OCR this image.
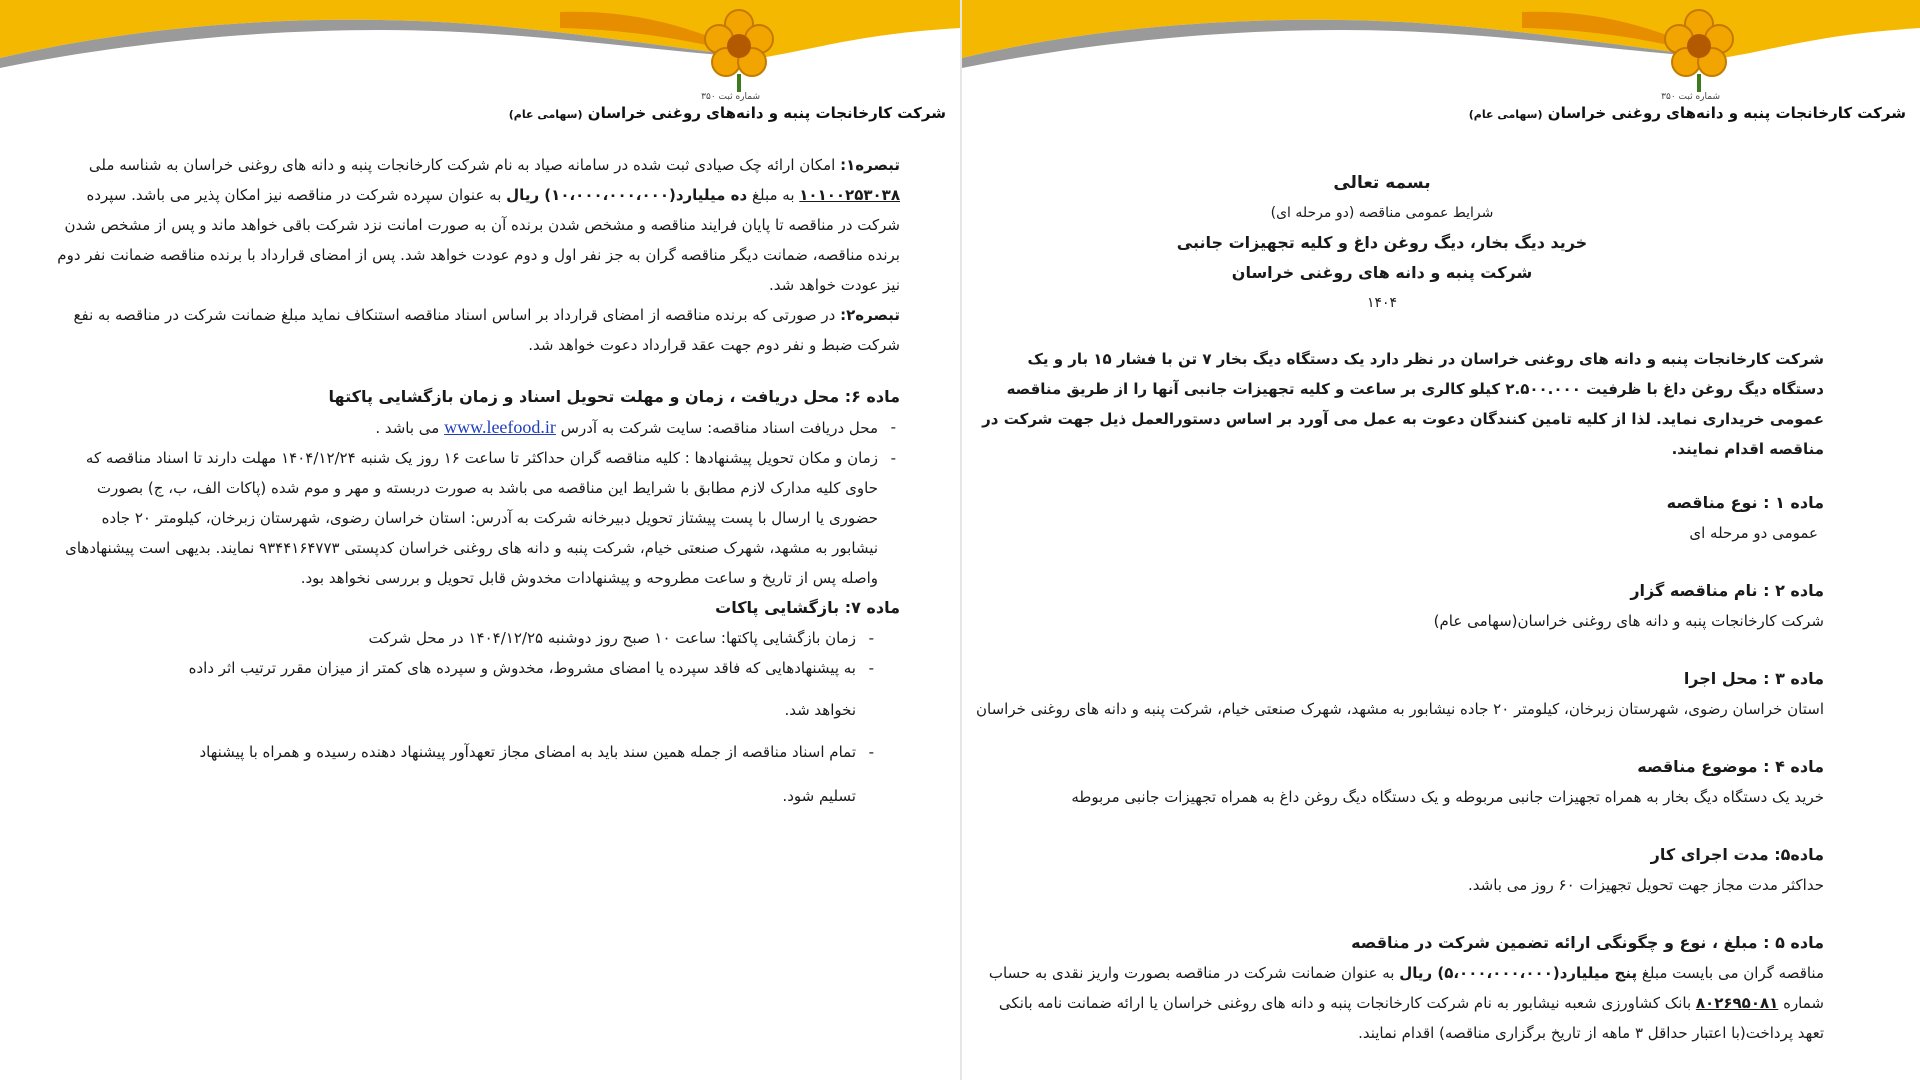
شماره ثبت ۳۵۰
شرکت کارخانجات پنبه و دانه‌های روغنی خراسان (سهامی عام)

تبصره۱: امکان ارائه چک صیادی ثبت شده در سامانه صیاد به نام شرکت کارخانجات پنبه و دانه های روغنی خراسان به شناسه ملی ۱۰۱۰۰۲۵۳۰۳۸ به مبلغ ده میلیارد(۱۰،۰۰۰،۰۰۰،۰۰۰) ریال به عنوان سپرده شرکت در مناقصه نیز امکان پذیر می باشد. سپرده شرکت در مناقصه تا پایان فرایند مناقصه و مشخص شدن برنده آن به صورت امانت نزد شرکت باقی خواهد ماند و پس از مشخص شدن برنده مناقصه، ضمانت دیگر مناقصه گران به جز نفر اول و دوم عودت خواهد شد. پس از امضای قرارداد با برنده مناقصه ضمانت نفر دوم نیز عودت خواهد شد.

تبصره۲: در صورتی که برنده مناقصه از امضای قرارداد بر اساس اسناد مناقصه استنکاف نماید مبلغ ضمانت شرکت در مناقصه به نفع شرکت ضبط و نفر دوم جهت عقد قرارداد دعوت خواهد شد.

ماده ۶: محل دریافت ، زمان و مهلت تحویل اسناد و زمان بازگشایی پاکتها

- محل دریافت اسناد مناقصه: سایت شرکت به آدرس www.leefood.ir می باشد .

- زمان و مکان تحویل پیشنهادها : کلیه مناقصه گران حداکثر تا ساعت ۱۶ روز یک شنبه ۱۴۰۴/۱۲/۲۴ مهلت دارند تا اسناد مناقصه که حاوی کلیه مدارک لازم مطابق با شرایط این مناقصه می باشد به صورت دربسته و مهر و موم شده (پاکات الف، ب، ج) بصورت حضوری یا ارسال با پست پیشتاز تحویل دبیرخانه شرکت به آدرس: استان خراسان رضوی، شهرستان زبرخان، کیلومتر ۲۰ جاده نیشابور به مشهد، شهرک صنعتی خیام، شرکت پنبه و دانه های روغنی خراسان کدپستی ۹۳۴۴۱۶۴۷۷۳ نمایند. بدیهی است پیشنهادهای واصله پس از تاریخ و ساعت مطروحه و پیشنهادات مخدوش قابل تحویل و بررسی نخواهد بود.

ماده ۷: بازگشایی پاکات

- زمان بازگشایی پاکتها: ساعت ۱۰ صبح روز دوشنبه ۱۴۰۴/۱۲/۲۵ در محل شرکت

- به پیشنهادهایی که فاقد سپرده یا امضای مشروط، مخدوش و سپرده های کمتر از میزان مقرر ترتیب اثر داده

نخواهد شد.

- تمام اسناد مناقصه از جمله همین سند باید به امضای مجاز تعهدآور پیشنهاد دهنده رسیده و همراه با پیشنهاد

تسلیم شود.

شماره ثبت ۳۵۰
شرکت کارخانجات پنبه و دانه‌های روغنی خراسان (سهامی عام)

بسمه تعالی

شرایط عمومی مناقصه (دو مرحله ای)

خرید دیگ بخار، دیگ روغن داغ و کلیه تجهیزات جانبی

شرکت پنبه و دانه های روغنی خراسان

۱۴۰۴

شرکت کارخانجات پنبه و دانه های روغنی خراسان در نظر دارد یک دستگاه دیگ بخار ۷ تن با فشار ۱۵ بار و یک دستگاه دیگ روغن داغ با ظرفیت ۲.۵۰۰.۰۰۰ کیلو کالری بر ساعت و کلیه تجهیزات جانبی آنها را از طریق مناقصه عمومی خریداری نماید. لذا از کلیه تامین کنندگان دعوت به عمل می آورد بر اساس دستورالعمل ذیل جهت شرکت در مناقصه اقدام نمایند.

ماده ۱ : نوع مناقصه

عمومی دو مرحله ای

ماده ۲ : نام مناقصه گزار

شرکت کارخانجات پنبه و دانه های روغنی خراسان(سهامی عام)

ماده ۳ : محل اجرا

استان خراسان رضوی، شهرستان زبرخان، کیلومتر ۲۰ جاده نیشابور به مشهد، شهرک صنعتی خیام، شرکت پنبه و دانه های روغنی خراسان

ماده ۴ : موضوع مناقصه

خرید یک دستگاه دیگ بخار به همراه تجهیزات جانبی مربوطه و یک دستگاه دیگ روغن داغ به همراه تجهیزات جانبی مربوطه

ماده۵: مدت اجرای کار

حداکثر مدت مجاز جهت تحویل تجهیزات ۶۰ روز می باشد.

ماده ۵ : مبلغ ، نوع و چگونگی ارائه تضمین شرکت در مناقصه

مناقصه گران می بایست مبلغ پنج میلیارد(۵،۰۰۰،۰۰۰،۰۰۰) ریال به عنوان ضمانت شرکت در مناقصه بصورت واریز نقدی به حساب شماره ۸۰۲۶۹۵۰۸۱ بانک کشاورزی شعبه نیشابور به نام شرکت کارخانجات پنبه و دانه های روغنی خراسان یا ارائه ضمانت نامه بانکی تعهد پرداخت(با اعتبار حداقل ۳ ماهه از تاریخ برگزاری مناقصه) اقدام نمایند.
